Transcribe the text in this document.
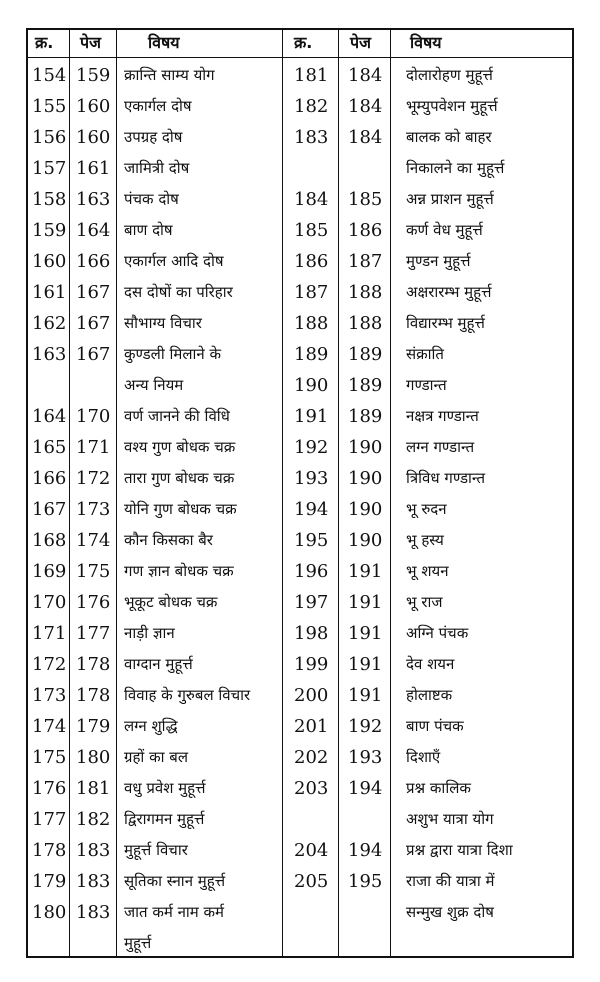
क्र. पेज	विषय	क्र. पेज विषय
154 159 क्रान्ति साम्य योग
155 160 एकार्गल दोष
156 160 उपग्रह दोष
157 161 जामित्री दोष
158 163 पंचक दोष
159 164 बाण दोष
160 166 एकार्गल आदि दोष
161 167 दस दोषों का परिहार
162 167 सौभाग्य विचार
163 167 कुण्डली मिलाने के
अन्य नियम
164 170 वर्ण जानने की विधि
165 171 वश्य गुण बोधक चक्र
166 172 तारा गुण बोधक चक्र
167 173 योनि गुण बोधक चक्र
168 174 कौन किसका बैर
169 175 गण ज्ञान बोधक चक्र
170 176 भूकूट बोधक चक्र
171 177 नाड़ी ज्ञान
172 178 वाग्दान मुहूर्त्त
173 178 विवाह के गुरुबल विचार
174 179 लग्न शुद्धि
175 180 ग्रहों का बल
176 181 वधु प्रवेश मुहूर्त्त
177 182 द्विरागमन मुहूर्त्त
178 183 मुहूर्त्त विचार
179 183 सूतिका स्नान मुहूर्त्त
180 183 जात कर्म नाम कर्म
मुहूर्त्त
181 184 दोलारोहण मुहूर्त्त
182 184 भूम्युपवेशन मुहूर्त्त
183 184 बालक को बाहर
निकालने का मुहूर्त्त
184 185 अन्न प्राशन मुहूर्त्त
185 186 कर्ण वेध मुहूर्त्त
186 187 मुण्डन मुहूर्त्त
187 188 अक्षरारम्भ मुहूर्त्त
188 188 विद्यारम्भ मुहूर्त्त
189 189 संक्राति
190 189 गण्डान्त
191 189 नक्षत्र गण्डान्त
192 190 लग्न गण्डान्त
193 190 त्रिविध गण्डान्त
194 190 भू रुदन
195 190 भू हस्य
196 191 भू शयन
197 191 भू राज
198 191 अग्नि पंचक
199 191 देव शयन
200 191 होलाष्टक
201 192 बाण पंचक
202 193 दिशाएँ
203 194 प्रश्न कालिक
अशुभ यात्रा योग
204 194 प्रश्न द्वारा यात्रा दिशा
205 195 राजा की यात्रा में
सन्मुख शुक्र दोष
